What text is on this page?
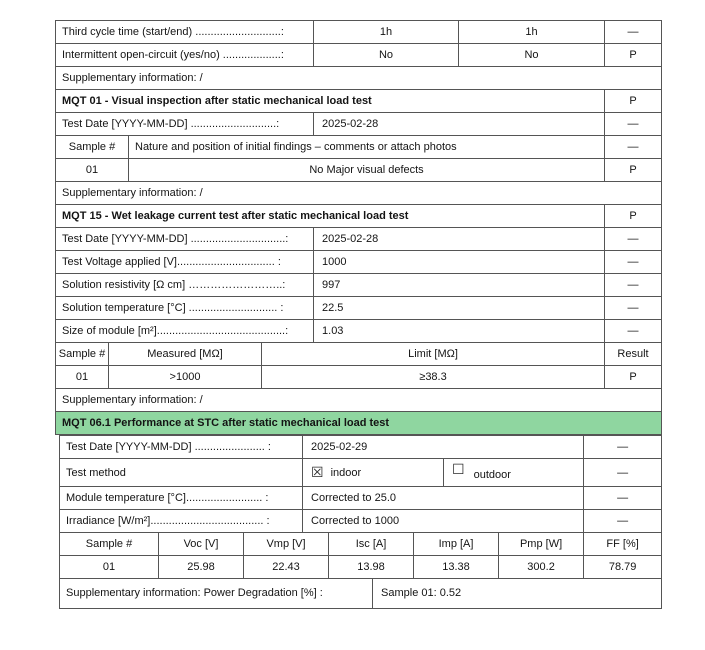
Third cycle time (start/end) ............................:				1h	1h	—
Intermittent open-circuit (yes/no) ...................:				No	No	P
Supplementary information: /						
MQT 01 - Visual inspection after static mechanical load test						P
Test Date [YYYY-MM-DD] ............................:				2025-02-28		—
Sample #		Nature and position of initial findings – comments or attach photos				—
01		No Major visual defects				P
Supplementary information: /						
MQT 15 - Wet leakage current test after static mechanical load test						P
Test Date [YYYY-MM-DD] ...............................:				2025-02-28		—
Test Voltage applied [V]................................ :				1000		—
Solution resistivity [Ω cm] ……………………..:				997		—
Solution temperature [°C] ............................. :				22.5		—
Size of module [m²]..........................................:				1.03		—
Sample #	Measured [MΩ]		Limit [MΩ]			Result
01	>1000		≥38.3			P
Supplementary information: /						
MQT 06.1 Performance at STC after static mechanical load test						
Test Date [YYYY-MM-DD] ....................... :			2025-02-29						—
Test method			☒ indoor				☐ outdoor		—
Module temperature [°C]......................... :			Corrected to 25.0						—
Irradiance [W/m²]..................................... :			Corrected to 1000						—
Sample #	Voc [V]	Vmp [V]		Isc [A]		Imp [A]		Pmp [W]	FF [%]
01	25.98	22.43		13.98		13.38		300.2	78.79
Supplementary information: Power Degradation [%] :					Sample 01: 0.52				
